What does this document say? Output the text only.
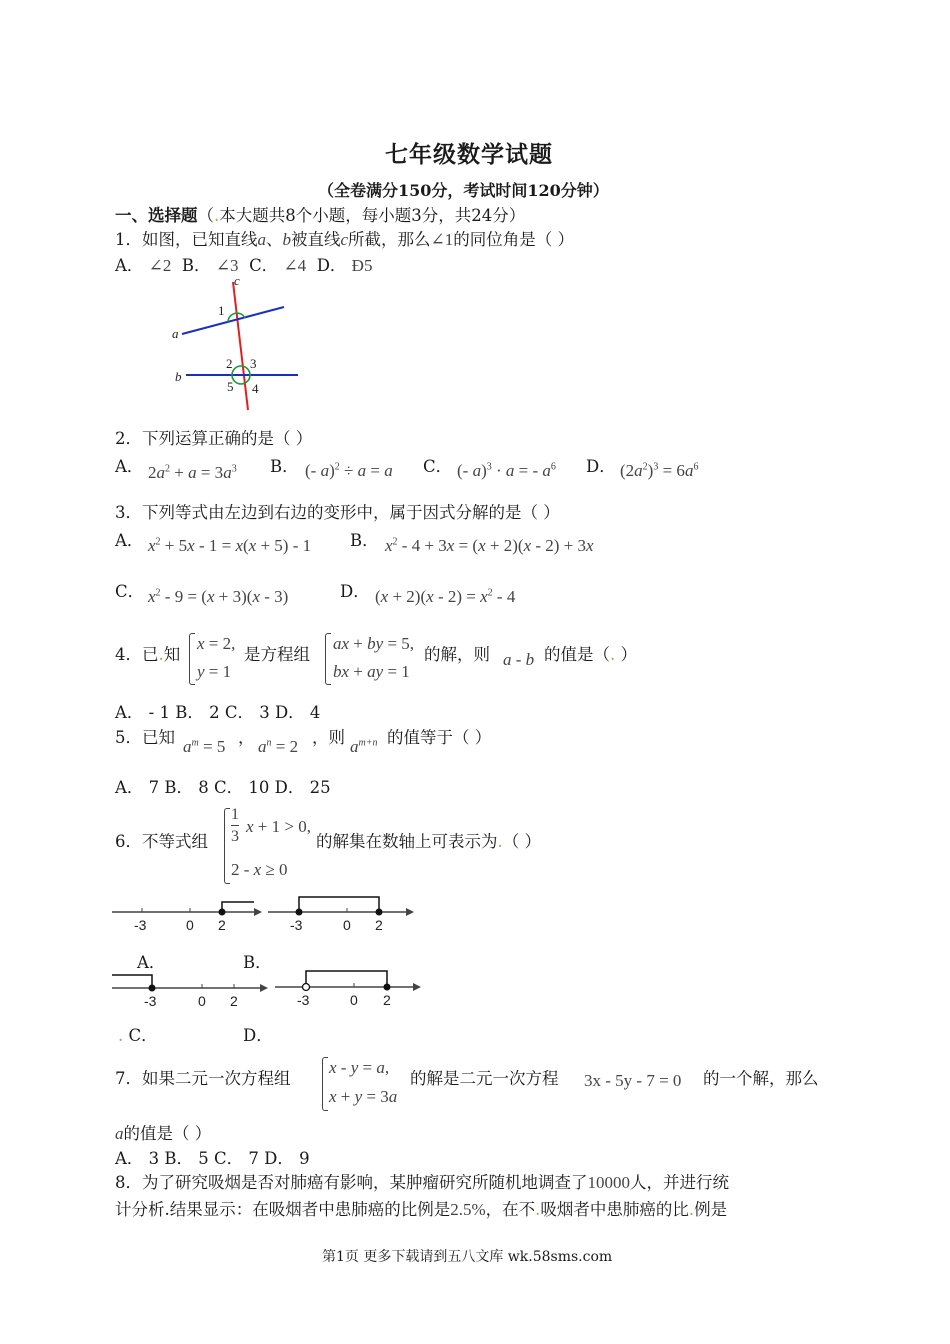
七年级数学试题
（全卷满分150分，考试时间120分钟）
一、选择题（.本大题共8个小题，每小题3分，共24分）
1．如图，已知直线a、b被直线c所截，那么∠1的同位角是（ ）
A． ∠2 B． ∠3 C． ∠4 D． Ð5
c
a
b
1
2 3
4
5
2．下列运算正确的是（ ）
A． $2a^2 + a = 3a^3$ B． (- a)$^2$ ÷ a = a C． (- a)$^3$ · a = - $a^6$ D． $(2a^2)^3 = 6a^6$
3．下列等式由左边到右边的变形中，属于因式分解的是（ ）
A． $x^2 + 5x - 1 = x(x + 5) - 1$ B． $x^2 - 4 + 3x = (x + 2)(x - 2) + 3x$
C． $x^2 - 9 = (x + 3)(x - 3)$	D． $(x + 2)(x - 2) = x^2 - 4$
4．已.知
x = 2,
y = 1
是方程组
ax + by = 5,
bx + ay = 1
的解，则 a - b 的值是（. ）
A． - 1 B． 2 C． 3 D． 4
5．已知 $a^m = 5$ ， $a^n = 2$ ，则 $a^{m+n}$ 的值等于（ ）
A． 7 B． 8 C． 10 D． 25
6．不等式组
1
3
x + 1 > 0,
2 - x ≥ 0
的解集在数轴上可表示为.（ ）
-3	0 2	-3	0 2
A．	B．
-3	0 2	-3	0 2
. C．	D．
7．如果二元一次方程组
x - y = a,
x + y = 3a
的解是二元一次方程 3x - 5y - 7 = 0 的一个解，那么
a的值是（ ）
A． 3 B． 5 C． 7 D． 9
8．为了研究吸烟是否对肺癌有影响，某肿瘤研究所随机地调查了10000人，并进行统
计分析.结果显示：在吸烟者中患肺癌的比例是2.5%，在不.吸烟者中患肺癌的比.例是
第1页 更多下载请到五八文库 wk.58sms.com
